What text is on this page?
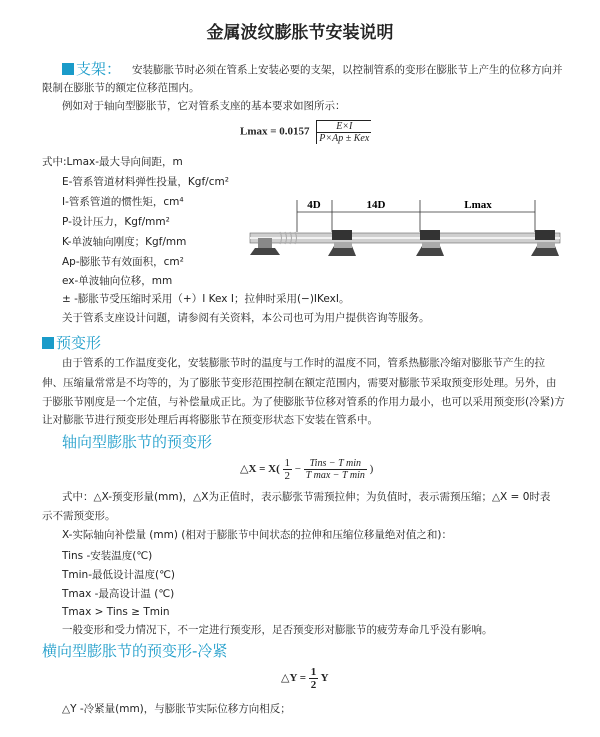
金属波纹膨胀节安装说明
支架： 安装膨胀节时必须在管系上安装必要的支架，以控制管系的变形在膨胀节上产生的位移方向并
限制在膨胀节的额定位移范围内。
例如对于轴向型膨胀节，它对管系支座的基本要求如图所示：
$Lmax = 0.0157 \frac{E\times I}{\text{P×Ap ± Kex}}$
式中:Lmax-最大导向间距，m
E-管系管道材料弹性投量，Kgf/cm²
I-管系管道的惯性矩，cm⁴
P-设计压力，Kgf/mm²
K-单波轴向刚度；Kgf/mm
Ap-膨胀节有效面积，cm²
ex-单波轴向位移，mm
± -膨胀节受压缩时采用（+）I Kex I；拉伸时采用(−)IKexI。
关于管系支座设计问题，请参阅有关资料，本公司也可为用户提供咨询等服务。
4D	14D	Lmax
预变形
由于管系的工作温度变化，安装膨胀节时的温度与工作时的温度不同，管系热膨胀冷缩对膨胀节产生的拉
伸、压缩量常常是不均等的，为了膨胀节变形范围控制在额定范围内，需要对膨胀节采取预变形处理。另外，由
于膨胀节刚度是一个定值，与补偿量成正比。为了使膨胀节位移对管系的作用力最小，也可以采用预变形(冷紧)方
让对膨胀节进行预变形处理后再将膨胀节在预变形状态下安装在管系中。
轴向型膨胀节的预变形
△X = $X( \frac{1}{2} - \frac{\text{Tins − T min}}{\text{T max − T min}}$ )
式中：△X-预变形量(mm)，△X为正值时，表示膨张节需预拉伸；为负值时，表示需预压缩；△X = 0时表
示不需预变形。
X-实际轴向补偿量 (mm) (相对于膨胀节中间状态的拉伸和压缩位移量绝对值之和)：
Tins -安装温度(℃)
Tmin-最低设计温度(℃)
Tmax -最高设计温 (℃)
Tmax > Tins ≥ Tmin
一般变形和受力情况下，不一定进行预变形，足否预变形对膨胀节的疲劳寿命几乎没有影响。
横向型膨胀节的预变形-冷紧
△Y = $\frac{1}{2}$ Y
△Y -冷紧量(mm)，与膨胀节实际位移方向相反；
